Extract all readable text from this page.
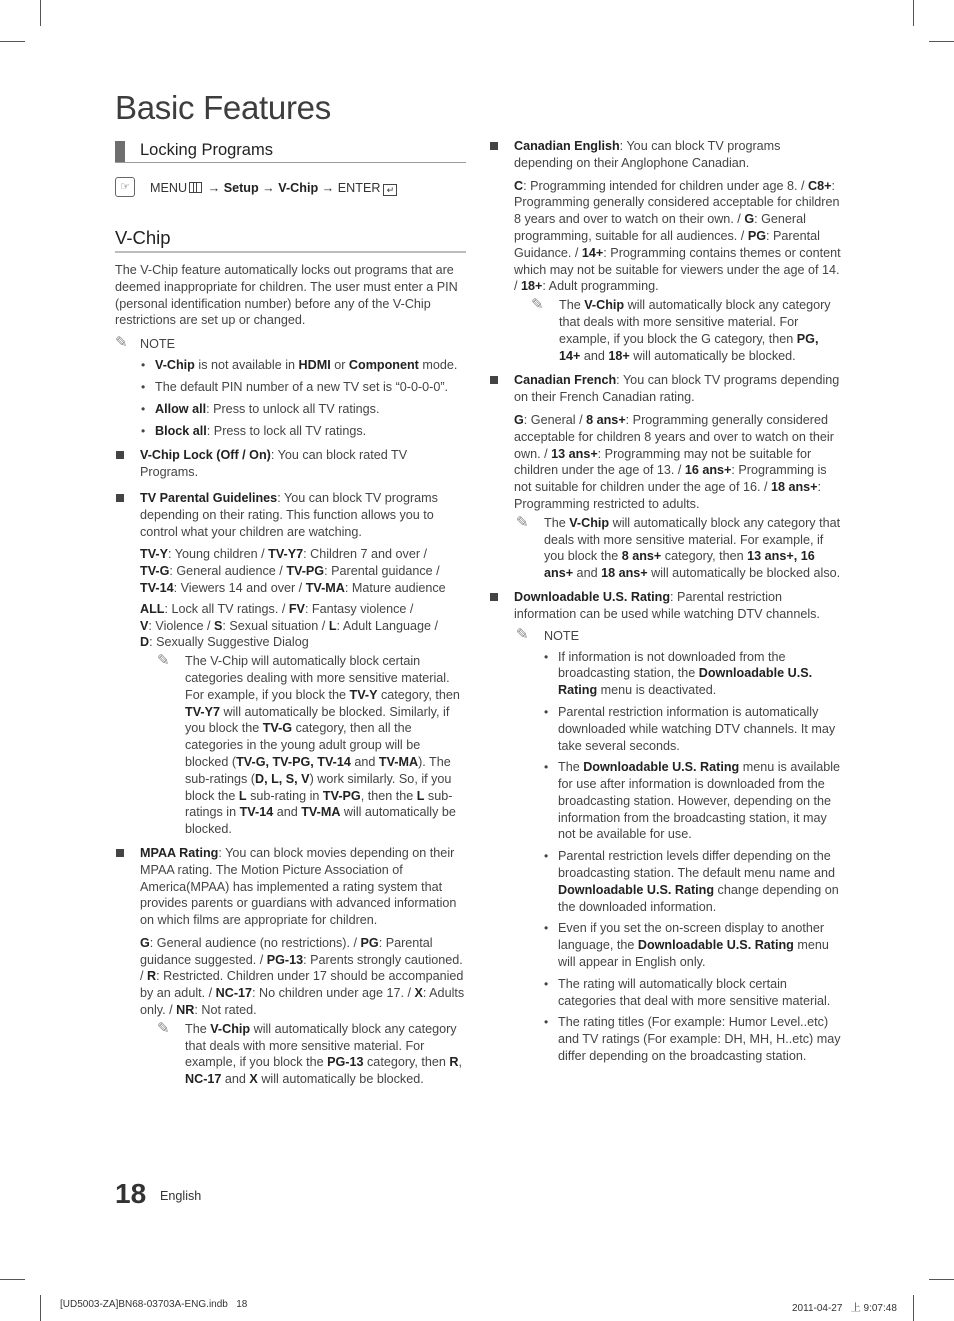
Basic Features
Locking Programs
☞	MENU → Setup → V-Chip → ENTER ↵
V-Chip

The V-Chip feature automatically locks out programs that are deemed inappropriate for children. The user must enter a PIN (personal identification number) before any of the V-Chip restrictions are set up or changed.

✎ NOTE
• V-Chip is not available in HDMI or Component mode.
• The default PIN number of a new TV set is “0-0-0-0”.
• Allow all: Press to unlock all TV ratings.
• Block all: Press to lock all TV ratings.
V-Chip Lock (Off / On): You can block rated TV Programs.
TV Parental Guidelines: You can block TV programs depending on their rating. This function allows you to control what your children are watching.

TV-Y: Young children / TV-Y7: Children 7 and over /
TV-G: General audience / TV-PG: Parental guidance /
TV-14: Viewers 14 and over / TV-MA: Mature audience

ALL: Lock all TV ratings. / FV: Fantasy violence /
V: Violence / S: Sexual situation / L: Adult Language /
D: Sexually Suggestive Dialog

✎	The V-Chip will automatically block certain categories dealing with more sensitive material. For example, if you block the TV-Y category, then TV-Y7 will automatically be blocked. Similarly, if you block the TV-G category, then all the categories in the young adult group will be blocked (TV-G, TV-PG, TV-14 and TV-MA). The sub-ratings (D, L, S, V) work similarly. So, if you block the L sub-rating in TV-PG, then the L sub-ratings in TV-14 and TV-MA will automatically be blocked.
MPAA Rating: You can block movies depending on their MPAA rating. The Motion Picture Association of America(MPAA) has implemented a rating system that provides parents or guardians with advanced information on which films are appropriate for children.

G: General audience (no restrictions). / PG: Parental guidance suggested. / PG-13: Parents strongly cautioned. / R: Restricted. Children under 17 should be accompanied by an adult. / NC-17: No children under age 17. / X: Adults only. / NR: Not rated.

✎	The V-Chip will automatically block any category that deals with more sensitive material. For example, if you block the PG-13 category, then R, NC-17 and X will automatically be blocked.
Canadian English: You can block TV programs depending on their Anglophone Canadian.

C: Programming intended for children under age 8. / C8+: Programming generally considered acceptable for children 8 years and over to watch on their own. / G: General programming, suitable for all audiences. / PG: Parental Guidance. / 14+: Programming contains themes or content which may not be suitable for viewers under the age of 14. / 18+: Adult programming.

✎	The V-Chip will automatically block any category that deals with more sensitive material. For example, if you block the G category, then PG, 14+ and 18+ will automatically be blocked.
Canadian French: You can block TV programs depending on their French Canadian rating.

G: General / 8 ans+: Programming generally considered acceptable for children 8 years and over to watch on their own. / 13 ans+: Programming may not be suitable for children under the age of 13. / 16 ans+: Programming is not suitable for children under the age of 16. / 18 ans+: Programming restricted to adults.

✎	The V-Chip will automatically block any category that deals with more sensitive material. For example, if you block the 8 ans+ category, then 13 ans+, 16 ans+ and 18 ans+ will automatically be blocked also.
Downloadable U.S. Rating: Parental restriction information can be used while watching DTV channels.
✎	NOTE
• If information is not downloaded from the broadcasting station, the Downloadable U.S. Rating menu is deactivated.
• Parental restriction information is automatically downloaded while watching DTV channels. It may take several seconds.
• The Downloadable U.S. Rating menu is available for use after information is downloaded from the broadcasting station. However, depending on the information from the broadcasting station, it may not be available for use.
• Parental restriction levels differ depending on the broadcasting station. The default menu name and Downloadable U.S. Rating change depending on the downloaded information.
• Even if you set the on-screen display to another language, the Downloadable U.S. Rating menu will appear in English only.
• The rating will automatically block certain categories that deal with more sensitive material.
• The rating titles (For example: Humor Level..etc) and TV ratings (For example: DH, MH, H..etc) may differ depending on the broadcasting station.
18 English
[UD5003-ZA]BN68-03703A-ENG.indb   18	2011-04-27   上 9:07:48
